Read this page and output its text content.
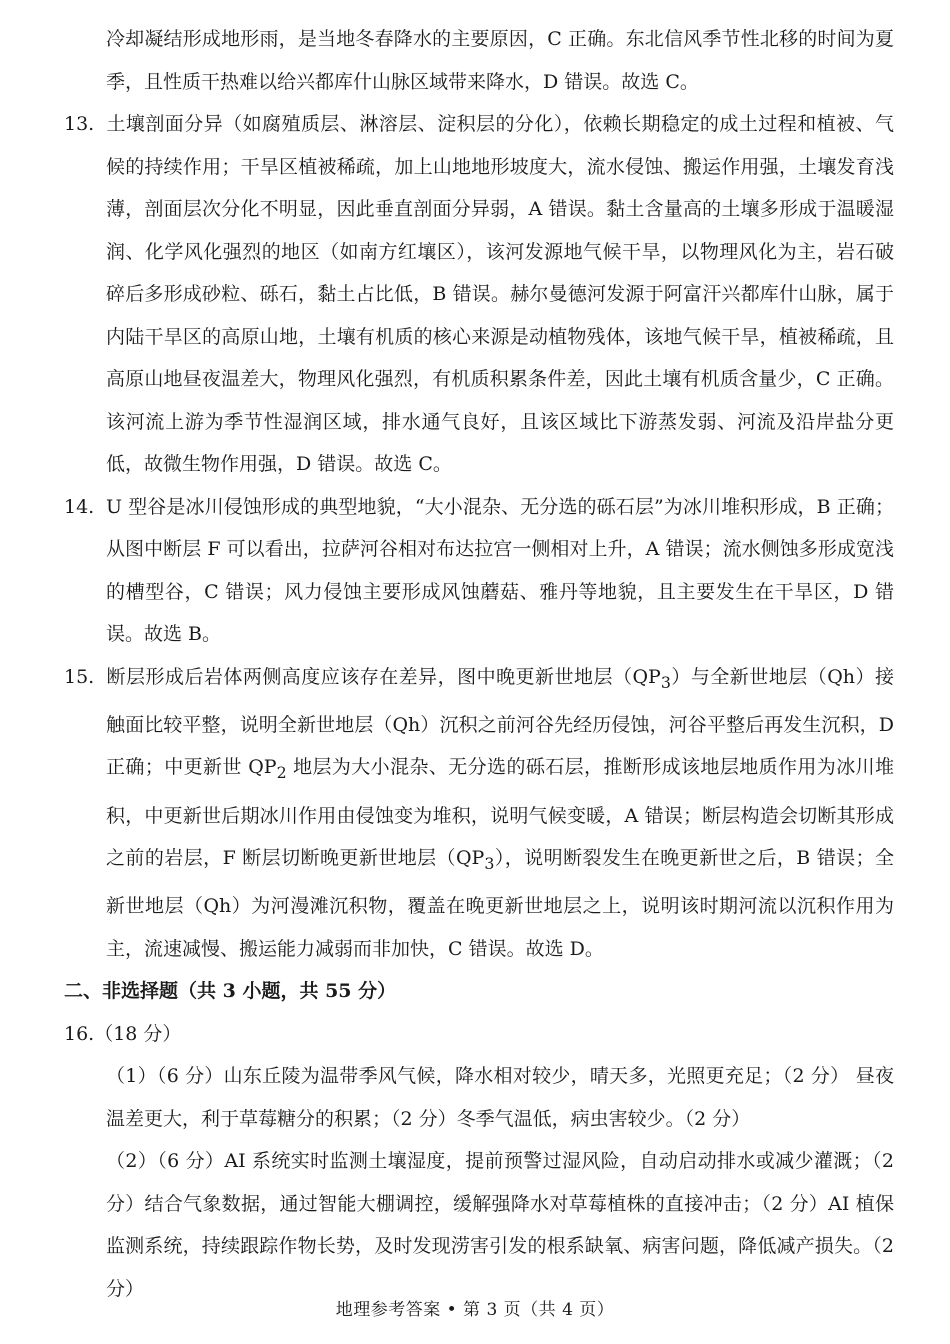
冷却凝结形成地形雨，是当地冬春降水的主要原因，C 正确。东北信风季节性北移的时间为夏季，且性质干热难以给兴都库什山脉区域带来降水，D 错误。故选 C。

13. 土壤剖面分异（如腐殖质层、淋溶层、淀积层的分化），依赖长期稳定的成土过程和植被、气候的持续作用；干旱区植被稀疏，加上山地地形坡度大，流水侵蚀、搬运作用强，土壤发育浅薄，剖面层次分化不明显，因此垂直剖面分异弱，A 错误。黏土含量高的土壤多形成于温暖湿润、化学风化强烈的地区（如南方红壤区），该河发源地气候干旱，以物理风化为主，岩石破碎后多形成砂粒、砾石，黏土占比低，B 错误。赫尔曼德河发源于阿富汗兴都库什山脉，属于内陆干旱区的高原山地，土壤有机质的核心来源是动植物残体，该地气候干旱，植被稀疏，且高原山地昼夜温差大，物理风化强烈，有机质积累条件差，因此土壤有机质含量少，C 正确。该河流上游为季节性湿润区域，排水通气良好，且该区域比下游蒸发弱、河流及沿岸盐分更低，故微生物作用强，D 错误。故选 C。

14. U 型谷是冰川侵蚀形成的典型地貌，“大小混杂、无分选的砾石层”为冰川堆积形成，B 正确；从图中断层 F 可以看出，拉萨河谷相对布达拉宫一侧相对上升，A 错误；流水侧蚀多形成宽浅的槽型谷，C 错误；风力侵蚀主要形成风蚀蘑菇、雅丹等地貌，且主要发生在干旱区，D 错误。故选 B。

15. 断层形成后岩体两侧高度应该存在差异，图中晚更新世地层$(QP_3)$与全新世地层（Qh）接触面比较平整，说明全新世地层（Qh）沉积之前河谷先经历侵蚀，河谷平整后再发生沉积，D 正确；中更新世 $QP_2$ 地层为大小混杂、无分选的砾石层，推断形成该地层地质作用为冰川堆积，中更新世后期冰川作用由侵蚀变为堆积，说明气候变暖，A 错误；断层构造会切断其形成之前的岩层，F 断层切断晚更新世地层$(QP_3)$，说明断裂发生在晚更新世之后，B 错误；全新世地层（Qh）为河漫滩沉积物，覆盖在晚更新世地层之上，说明该时期河流以沉积作用为主，流速减慢、搬运能力减弱而非加快，C 错误。故选 D。

二、非选择题（共 3 小题，共 55 分）

16.（18 分）

（1）（6 分）山东丘陵为温带季风气候，降水相对较少，晴天多，光照更充足；（2 分） 昼夜温差更大，利于草莓糖分的积累；（2 分）冬季气温低，病虫害较少。（2 分）

（2）（6 分）AI 系统实时监测土壤湿度，提前预警过湿风险，自动启动排水或减少灌溉；（2 分）结合气象数据，通过智能大棚调控，缓解强降水对草莓植株的直接冲击；（2 分）AI 植保监测系统，持续跟踪作物长势，及时发现涝害引发的根系缺氧、病害问题，降低减产损失。（2 分）

地理参考答案 • 第 3 页（共 4 页）
